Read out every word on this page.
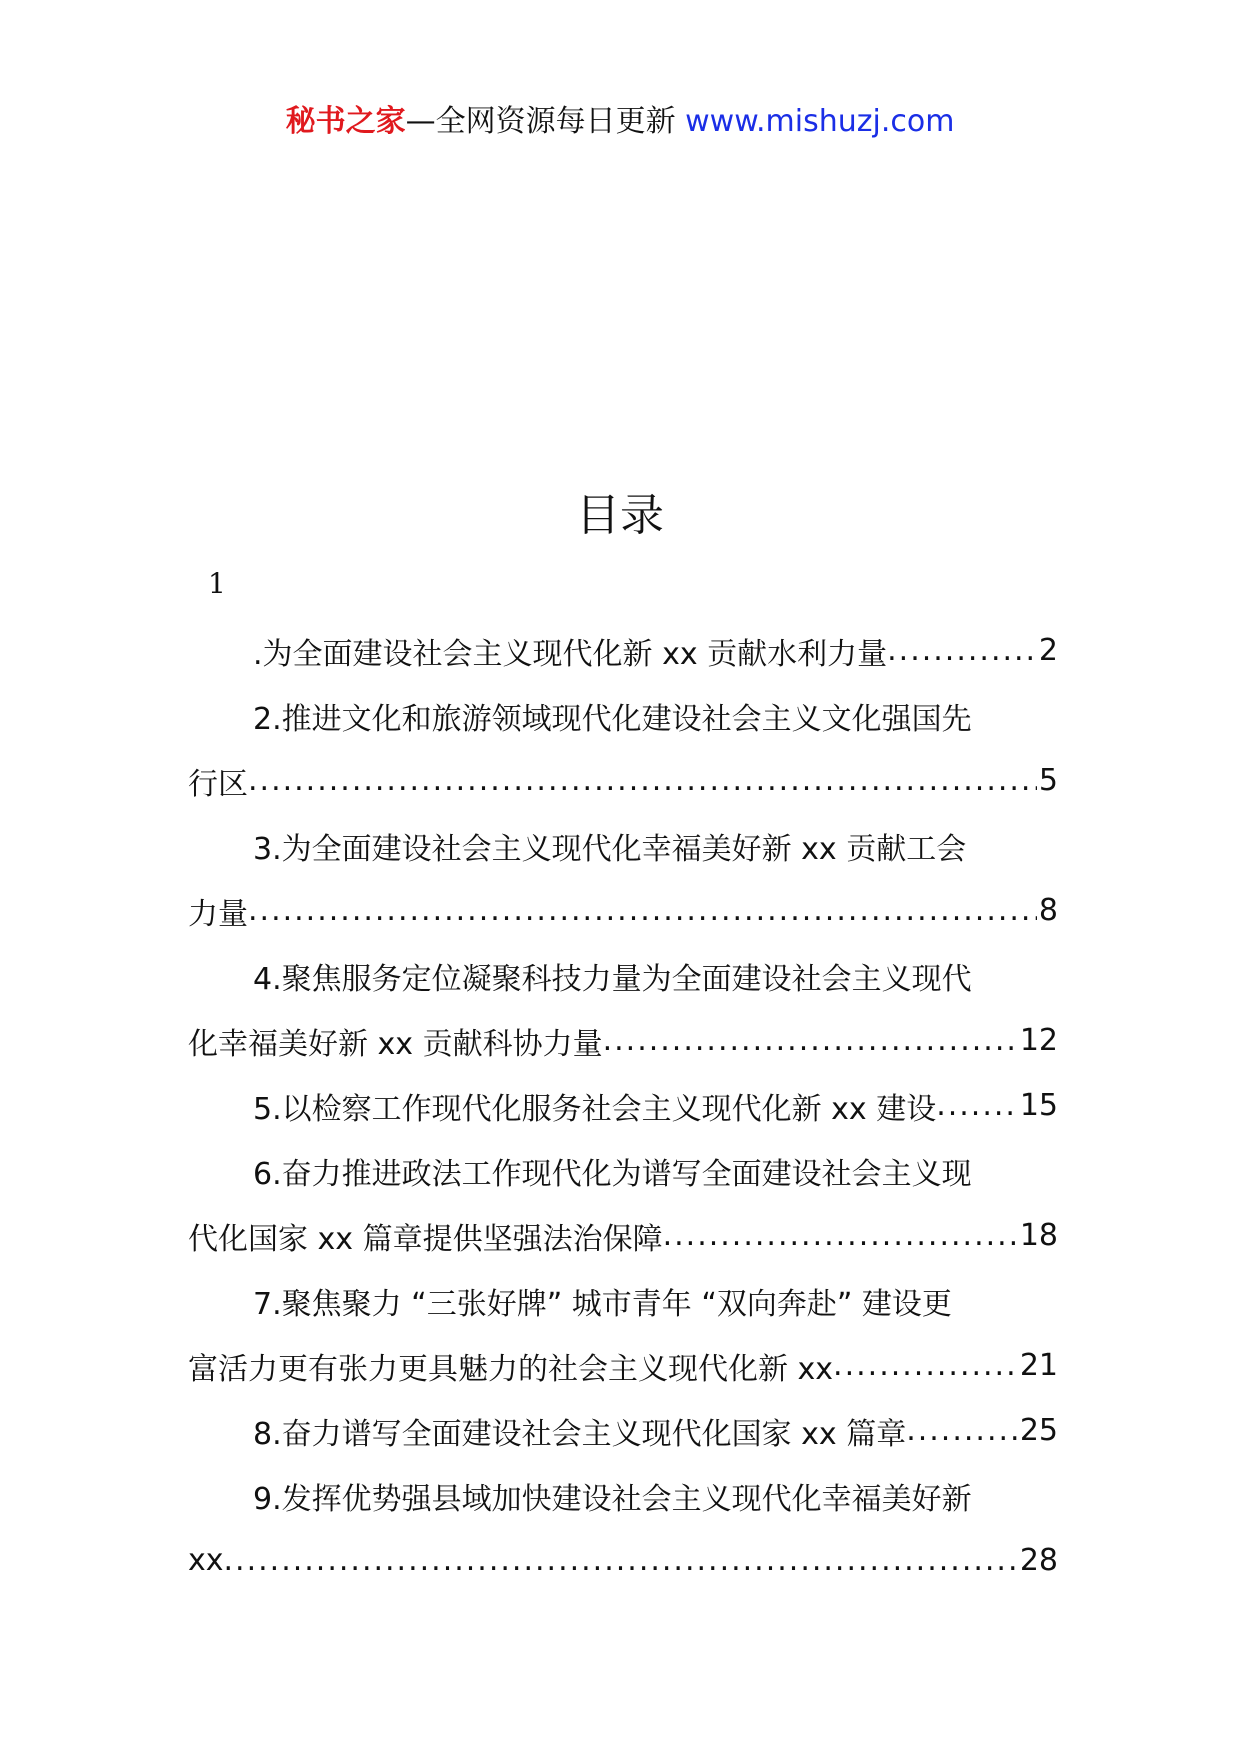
秘书之家—全网资源每日更新 www.mishuzj.com
目录
1
.为全面建设社会主义现代化新 xx 贡献水利力量 .....	2
2.推进文化和旅游领域现代化建设社会主义文化强国先
行区 .....	5
3.为全面建设社会主义现代化幸福美好新 xx 贡献工会
力量 .....	8
4.聚焦服务定位凝聚科技力量为全面建设社会主义现代
化幸福美好新 xx 贡献科协力量 .....	12
5.以检察工作现代化服务社会主义现代化新 xx 建设 .....	15
6.奋力推进政法工作现代化为谱写全面建设社会主义现
代化国家 xx 篇章提供坚强法治保障 .....	18
7.聚焦聚力 “三张好牌” 城市青年 “双向奔赴” 建设更
富活力更有张力更具魅力的社会主义现代化新 xx .....	21
8.奋力谱写全面建设社会主义现代化国家 xx 篇章 .....	25
9.发挥优势强县域加快建设社会主义现代化幸福美好新
xx .....	28
